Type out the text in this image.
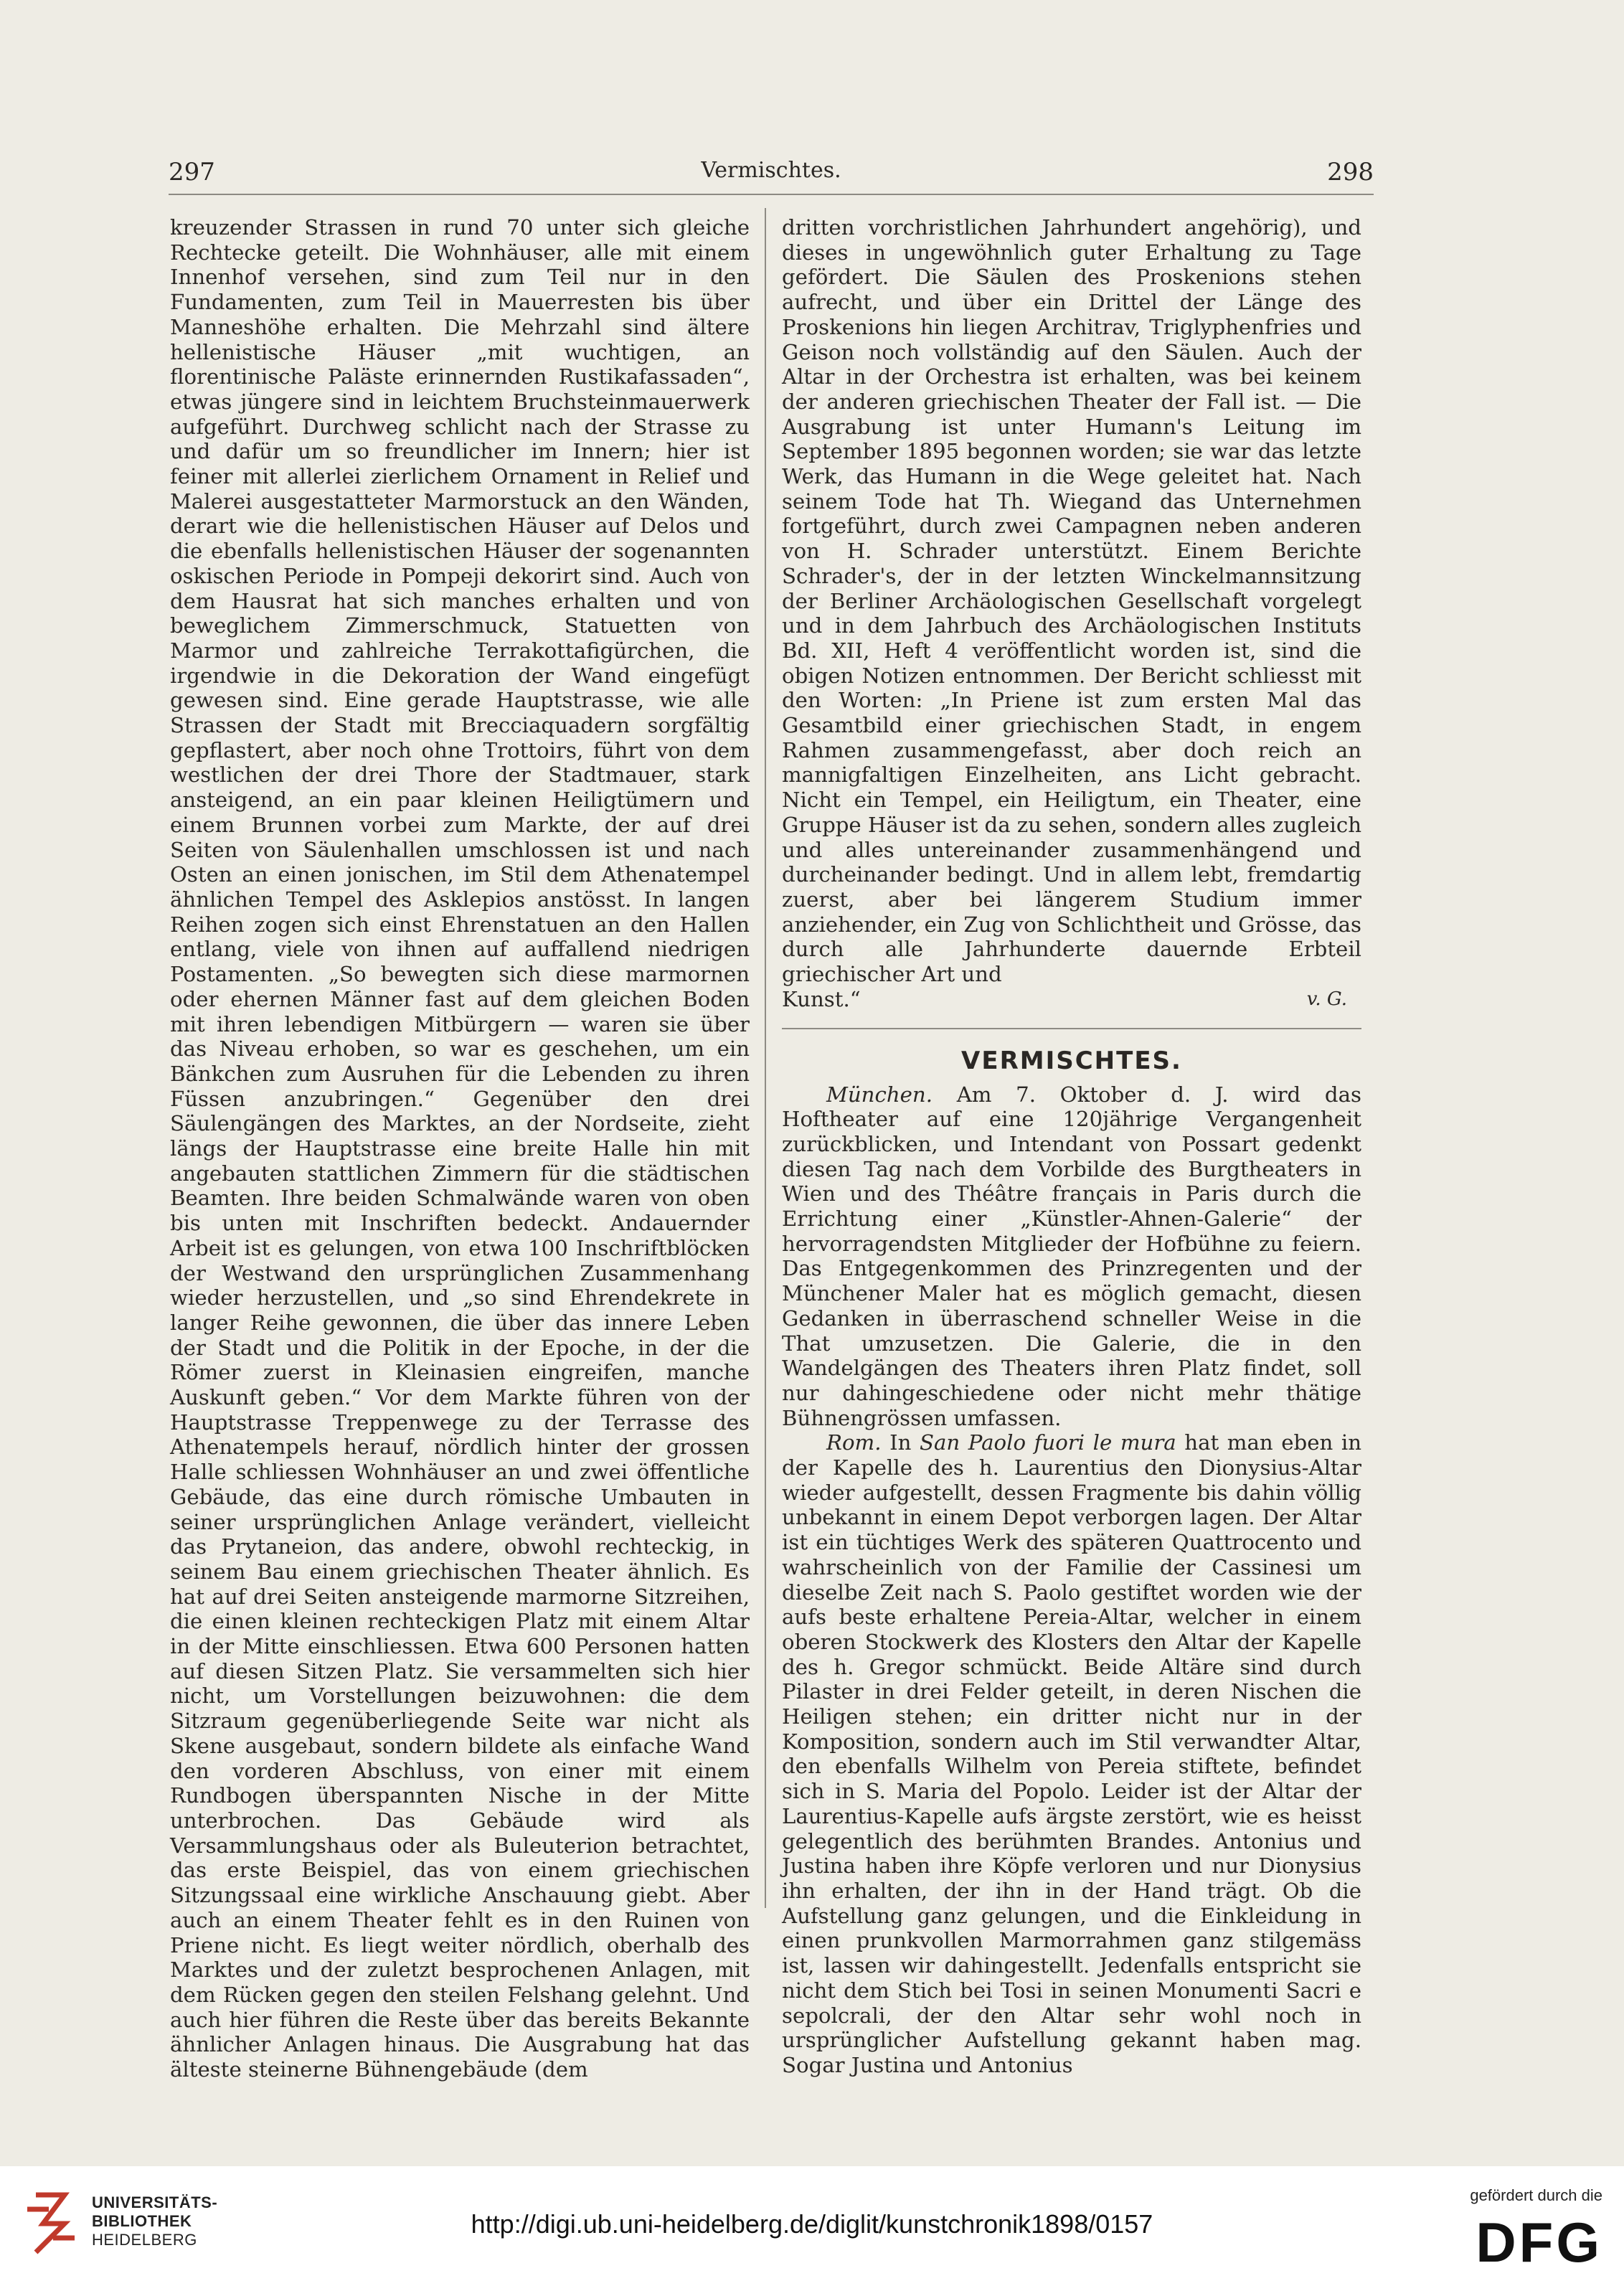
297	Vermischtes.	298

kreuzender Strassen in rund 70 unter sich gleiche Rechtecke geteilt. Die Wohnhäuser, alle mit einem Innenhof versehen, sind zum Teil nur in den Fundamenten, zum Teil in Mauerresten bis über Manneshöhe erhalten. Die Mehrzahl sind ältere hellenistische Häuser „mit wuchtigen, an florentinische Paläste erinnernden Rustikafassaden“, etwas jüngere sind in leichtem Bruchsteinmauerwerk aufgeführt. Durchweg schlicht nach der Strasse zu und dafür um so freundlicher im Innern; hier ist feiner mit allerlei zierlichem Ornament in Relief und Malerei ausgestatteter Marmorstuck an den Wänden, derart wie die hellenistischen Häuser auf Delos und die ebenfalls hellenistischen Häuser der sogenannten oskischen Periode in Pompeji dekorirt sind. Auch von dem Hausrat hat sich manches erhalten und von beweglichem Zimmerschmuck, Statuetten von Marmor und zahlreiche Terrakottafigürchen, die irgendwie in die Dekoration der Wand eingefügt gewesen sind. Eine gerade Hauptstrasse, wie alle Strassen der Stadt mit Brecciaquadern sorgfältig gepflastert, aber noch ohne Trottoirs, führt von dem westlichen der drei Thore der Stadtmauer, stark ansteigend, an ein paar kleinen Heiligtümern und einem Brunnen vorbei zum Markte, der auf drei Seiten von Säulenhallen umschlossen ist und nach Osten an einen jonischen, im Stil dem Athenatempel ähnlichen Tempel des Asklepios anstösst. In langen Reihen zogen sich einst Ehrenstatuen an den Hallen entlang, viele von ihnen auf auffallend niedrigen Postamenten. „So bewegten sich diese marmornen oder ehernen Männer fast auf dem gleichen Boden mit ihren lebendigen Mitbürgern — waren sie über das Niveau erhoben, so war es geschehen, um ein Bänkchen zum Ausruhen für die Lebenden zu ihren Füssen anzubringen.“ Gegenüber den drei Säulengängen des Marktes, an der Nordseite, zieht längs der Hauptstrasse eine breite Halle hin mit angebauten stattlichen Zimmern für die städtischen Beamten. Ihre beiden Schmalwände waren von oben bis unten mit Inschriften bedeckt. Andauernder Arbeit ist es gelungen, von etwa 100 Inschriftblöcken der Westwand den ursprünglichen Zusammenhang wieder herzustellen, und „so sind Ehrendekrete in langer Reihe gewonnen, die über das innere Leben der Stadt und die Politik in der Epoche, in der die Römer zuerst in Kleinasien eingreifen, manche Auskunft geben.“ Vor dem Markte führen von der Hauptstrasse Treppenwege zu der Terrasse des Athenatempels herauf, nördlich hinter der grossen Halle schliessen Wohnhäuser an und zwei öffentliche Gebäude, das eine durch römische Umbauten in seiner ursprünglichen Anlage verändert, vielleicht das Prytaneion, das andere, obwohl rechteckig, in seinem Bau einem griechischen Theater ähnlich. Es hat auf drei Seiten ansteigende marmorne Sitzreihen, die einen kleinen rechteckigen Platz mit einem Altar in der Mitte einschliessen. Etwa 600 Personen hatten auf diesen Sitzen Platz. Sie versammelten sich hier nicht, um Vorstellungen beizuwohnen: die dem Sitzraum gegenüberliegende Seite war nicht als Skene ausgebaut, sondern bildete als einfache Wand den vorderen Abschluss, von einer mit einem Rundbogen überspannten Nische in der Mitte unterbrochen. Das Gebäude wird als Versammlungshaus oder als Buleuterion betrachtet, das erste Beispiel, das von einem griechischen Sitzungssaal eine wirkliche Anschauung giebt. Aber auch an einem Theater fehlt es in den Ruinen von Priene nicht. Es liegt weiter nördlich, oberhalb des Marktes und der zuletzt besprochenen Anlagen, mit dem Rücken gegen den steilen Felshang gelehnt. Und auch hier führen die Reste über das bereits Bekannte ähnlicher Anlagen hinaus. Die Ausgrabung hat das älteste steinerne Bühnengebäude (dem

dritten vorchristlichen Jahrhundert angehörig), und dieses in ungewöhnlich guter Erhaltung zu Tage gefördert. Die Säulen des Proskenions stehen aufrecht, und über ein Drittel der Länge des Proskenions hin liegen Architrav, Triglyphenfries und Geison noch vollständig auf den Säulen. Auch der Altar in der Orchestra ist erhalten, was bei keinem der anderen griechischen Theater der Fall ist. — Die Ausgrabung ist unter Humann's Leitung im September 1895 begonnen worden; sie war das letzte Werk, das Humann in die Wege geleitet hat. Nach seinem Tode hat Th. Wiegand das Unternehmen fortgeführt, durch zwei Campagnen neben anderen von H. Schrader unterstützt. Einem Berichte Schrader's, der in der letzten Winckelmannsitzung der Berliner Archäologischen Gesellschaft vorgelegt und in dem Jahrbuch des Archäologischen Instituts Bd. XII, Heft 4 veröffentlicht worden ist, sind die obigen Notizen entnommen. Der Bericht schliesst mit den Worten: „In Priene ist zum ersten Mal das Gesamtbild einer griechischen Stadt, in engem Rahmen zusammengefasst, aber doch reich an mannigfaltigen Einzelheiten, ans Licht gebracht. Nicht ein Tempel, ein Heiligtum, ein Theater, eine Gruppe Häuser ist da zu sehen, sondern alles zugleich und alles untereinander zusammenhängend und durcheinander bedingt. Und in allem lebt, fremdartig zuerst, aber bei längerem Studium immer anziehender, ein Zug von Schlichtheit und Grösse, das durch alle Jahrhunderte dauernde Erbteil griechischer Art und

Kunst.“	v. G.
VERMISCHTES.

München. Am 7. Oktober d. J. wird das Hoftheater auf eine 120jährige Vergangenheit zurückblicken, und Intendant von Possart gedenkt diesen Tag nach dem Vorbilde des Burgtheaters in Wien und des Théâtre français in Paris durch die Errichtung einer „Künstler-Ahnen-Galerie“ der hervorragendsten Mitglieder der Hofbühne zu feiern. Das Entgegenkommen des Prinzregenten und der Münchener Maler hat es möglich gemacht, diesen Gedanken in überraschend schneller Weise in die That umzusetzen. Die Galerie, die in den Wandelgängen des Theaters ihren Platz findet, soll nur dahingeschiedene oder nicht mehr thätige Bühnengrössen umfassen.

Rom. In San Paolo fuori le mura hat man eben in der Kapelle des h. Laurentius den Dionysius-Altar wieder aufgestellt, dessen Fragmente bis dahin völlig unbekannt in einem Depot verborgen lagen. Der Altar ist ein tüchtiges Werk des späteren Quattrocento und wahrscheinlich von der Familie der Cassinesi um dieselbe Zeit nach S. Paolo gestiftet worden wie der aufs beste erhaltene Pereia-Altar, welcher in einem oberen Stockwerk des Klosters den Altar der Kapelle des h. Gregor schmückt. Beide Altäre sind durch Pilaster in drei Felder geteilt, in deren Nischen die Heiligen stehen; ein dritter nicht nur in der Komposition, sondern auch im Stil verwandter Altar, den ebenfalls Wilhelm von Pereia stiftete, befindet sich in S. Maria del Popolo. Leider ist der Altar der Laurentius-Kapelle aufs ärgste zerstört, wie es heisst gelegentlich des berühmten Brandes. Antonius und Justina haben ihre Köpfe verloren und nur Dionysius ihn erhalten, der ihn in der Hand trägt. Ob die Aufstellung ganz gelungen, und die Einkleidung in einen prunkvollen Marmorrahmen ganz stilgemäss ist, lassen wir dahingestellt. Jedenfalls entspricht sie nicht dem Stich bei Tosi in seinen Monumenti Sacri e sepolcrali, der den Altar sehr wohl noch in ursprünglicher Aufstellung gekannt haben mag. Sogar Justina und Antonius

UNIVERSITÄTS-
BIBLIOTHEK
HEIDELBERG
http://digi.ub.uni-heidelberg.de/diglit/kunstchronik1898/0157
gefördert durch die
DFG
